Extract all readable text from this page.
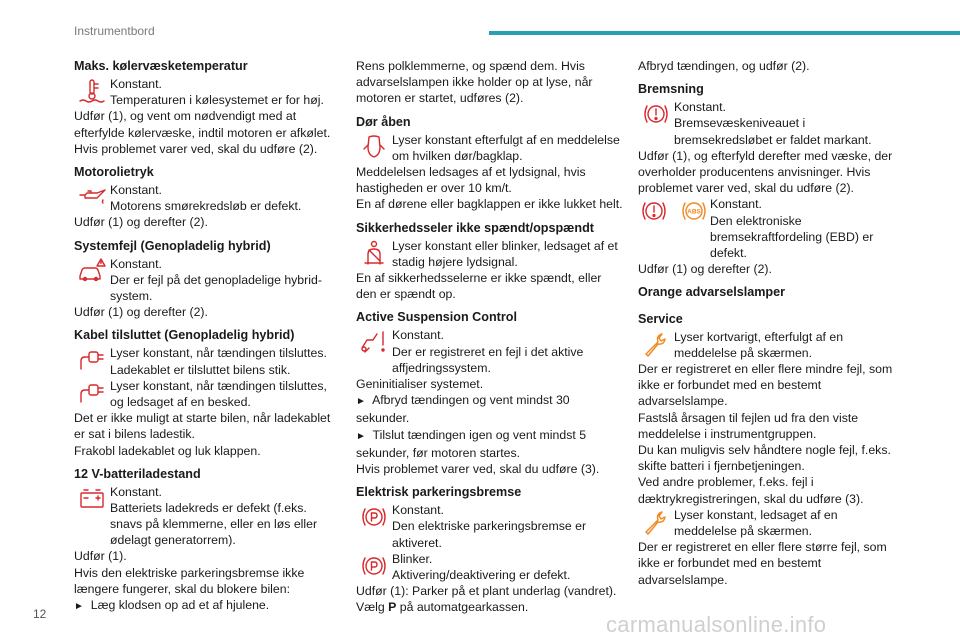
Instrumentbord

Maks. kølervæsketemperatur

Konstant.

Temperaturen i kølesystemet er for høj.

Udfør (1), og vent om nødvendigt med at efterfylde kølervæske, indtil motoren er afkølet. Hvis problemet varer ved, skal du udføre (2).

Motorolietryk

Konstant.

Motorens smørekredsløb er defekt.

Udfør (1) og derefter (2).

Systemfejl (Genopladelig hybrid)

Konstant.

Der er fejl på det genopladelige hybrid-system.

Udfør (1) og derefter (2).

Kabel tilsluttet (Genopladelig hybrid)

Lyser konstant, når tændingen tilsluttes. Ladekablet er tilsluttet bilens stik.
Lyser konstant, når tændingen tilsluttes, og ledsaget af en besked.

Det er ikke muligt at starte bilen, når ladekablet er sat i bilens ladestik.

Frakobl ladekablet og luk klappen.

12 V-batteriladestand

Konstant.

Batteriets ladekreds er defekt (f.eks. snavs på klemmerne, eller en løs eller ødelagt generatorrem).

Udfør (1).

Hvis den elektriske parkeringsbremse ikke længere fungerer, skal du blokere bilen:

► Læg klodsen op ad et af hjulene.

Rens polklemmerne, og spænd dem. Hvis advarselslampen ikke holder op at lyse, når motoren er startet, udføres (2).

Dør åben

Lyser konstant efterfulgt af en meddelelse om hvilken dør/bagklap.

Meddelelsen ledsages af et lydsignal, hvis hastigheden er over 10 km/t.

En af dørene eller bagklappen er ikke lukket helt.

Sikkerhedsseler ikke spændt/opspændt

Lyser konstant eller blinker, ledsaget af et stadig højere lydsignal.

En af sikkerhedsselerne er ikke spændt, eller den er spændt op.

Active Suspension Control

Konstant.

Der er registreret en fejl i det aktive affjedringssystem.

Geninitialiser systemet.

► Afbryd tændingen og vent mindst 30 sekunder.

► Tilslut tændingen igen og vent mindst 5 sekunder, før motoren startes.

Hvis problemet varer ved, skal du udføre (3).

Elektrisk parkeringsbremse

Konstant.

Den elektriske parkeringsbremse er aktiveret.

Blinker.

Aktivering/deaktivering er defekt.

Udfør (1): Parker på et plant underlag (vandret).

Vælg P på automatgearkassen.

Afbryd tændingen, og udfør (2).

Bremsning

Konstant.

Bremsevæskeniveauet i bremsekredsløbet er faldet markant.

Udfør (1), og efterfyld derefter med væske, der overholder producentens anvisninger. Hvis problemet varer ved, skal du udføre (2).

ABS

Konstant.

Den elektroniske bremsekraftfordeling (EBD) er defekt.

Udfør (1) og derefter (2).

Orange advarselslamper

Service

Lyser kortvarigt, efterfulgt af en meddelelse på skærmen.

Der er registreret en eller flere mindre fejl, som ikke er forbundet med en bestemt advarselslampe.

Fastslå årsagen til fejlen ud fra den viste meddelelse i instrumentgruppen.

Du kan muligvis selv håndtere nogle fejl, f.eks. skifte batteri i fjernbetjeningen.

Ved andre problemer, f.eks. fejl i dæktrykregistreringen, skal du udføre (3).

Lyser konstant, ledsaget af en meddelelse på skærmen.

Der er registreret en eller flere større fejl, som ikke er forbundet med en bestemt advarselslampe.

12	carmanualsonline.info
